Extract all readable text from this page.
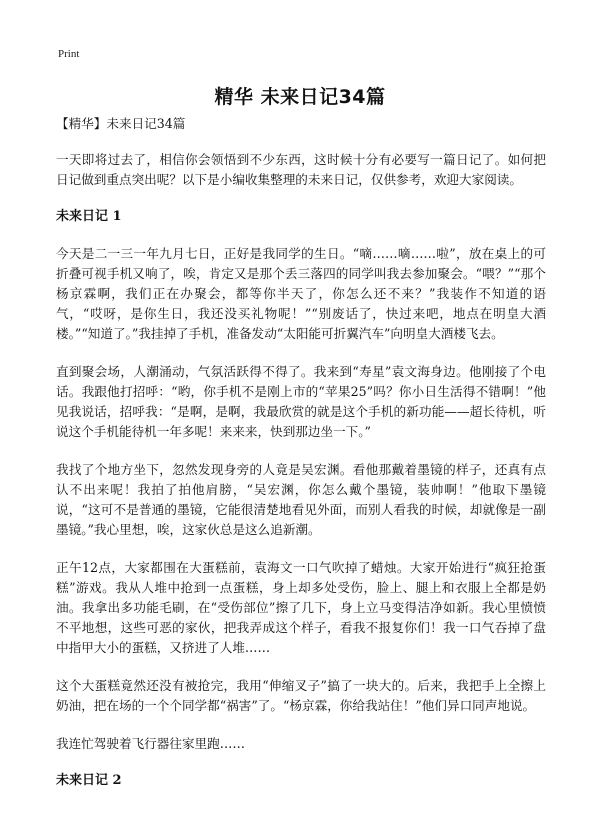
Print
精华 未来日记34篇
【精华】未来日记34篇

一天即将过去了，相信你会领悟到不少东西，这时候十分有必要写一篇日记了。如何把日记做到重点突出呢？以下是小编收集整理的未来日记，仅供参考，欢迎大家阅读。

未来日记 1

今天是二一三一年九月七日，正好是我同学的生日。“嘀……嘀……啦”，放在桌上的可折叠可视手机又响了，唉，肯定又是那个丢三落四的同学叫我去参加聚会。“喂？”“那个杨京霖啊，我们正在办聚会，都等你半天了，你怎么还不来？”我装作不知道的语气，“哎呀，是你生日，我还没买礼物呢！”“别废话了，快过来吧，地点在明皇大酒楼。”“知道了。”我挂掉了手机，准备发动“太阳能可折翼汽车”向明皇大酒楼飞去。

直到聚会场，人潮涌动，气氛活跃得不得了。我来到“寿星”袁文海身边。他刚接了个电话。我跟他打招呼：“哟，你手机不是刚上市的“苹果25”吗？你小日生活得不错啊！”他见我说话，招呼我：“是啊，是啊，我最欣赏的就是这个手机的新功能——超长待机，听说这个手机能待机一年多呢！来来来，快到那边坐一下。”

我找了个地方坐下，忽然发现身旁的人竟是吴宏渊。看他那戴着墨镜的样子，还真有点认不出来呢！我拍了拍他肩膀，“吴宏渊，你怎么戴个墨镜，装帅啊！”他取下墨镜说，“这可不是普通的墨镜，它能很清楚地看见外面，而别人看我的时候，却就像是一副墨镜。”我心里想，唉，这家伙总是这么追新潮。

正午12点，大家都围在大蛋糕前，袁海文一口气吹掉了蜡烛。大家开始进行“疯狂抢蛋糕”游戏。我从人堆中抢到一点蛋糕，身上却多处受伤，脸上、腿上和衣服上全都是奶油。我拿出多功能毛刷，在“受伤部位”擦了几下，身上立马变得洁净如新。我心里愤愤不平地想，这些可恶的家伙，把我弄成这个样子，看我不报复你们！我一口气吞掉了盘中指甲大小的蛋糕，又挤进了人堆……

这个大蛋糕竟然还没有被抢完，我用“伸缩叉子”搞了一块大的。后来，我把手上全擦上奶油，把在场的一个个同学都“祸害”了。“杨京霖，你给我站住！”他们异口同声地说。

我连忙驾驶着飞行器往家里跑……

未来日记 2
